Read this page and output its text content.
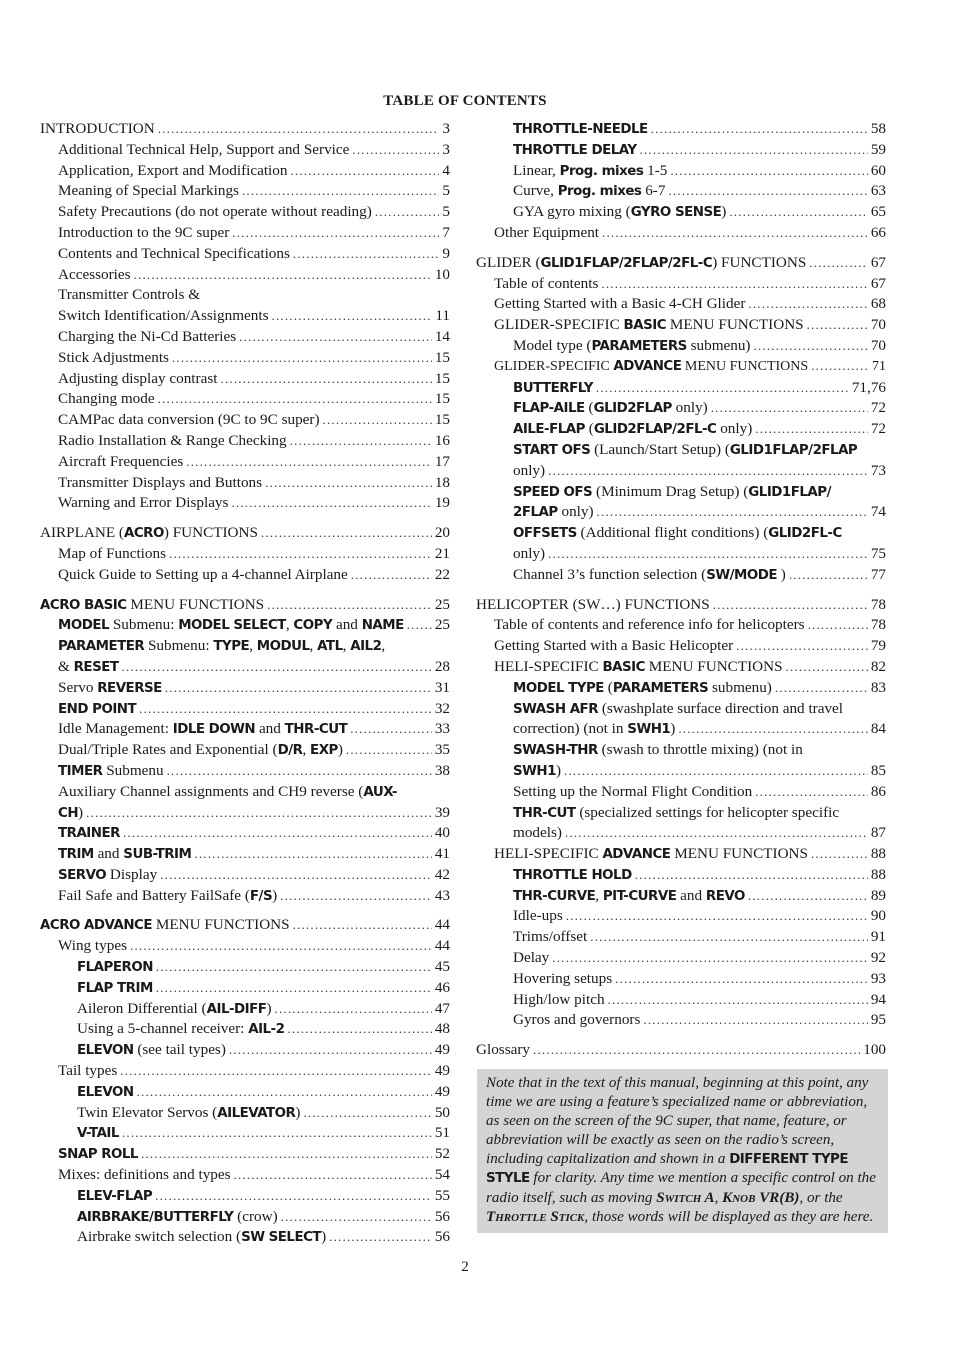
TABLE OF CONTENTS
INTRODUCTION .....	3
Additional Technical Help, Support and Service .....	3
Application, Export and Modification .....	4
Meaning of Special Markings .....	5
Safety Precautions (do not operate without reading) .....	5
Introduction to the 9C super .....	7
Contents and Technical Specifications .....	9
Accessories .....	10
Transmitter Controls &
Switch Identification/Assignments .....	11
Charging the Ni-Cd Batteries .....	14
Stick Adjustments .....	15
Adjusting display contrast .....	15
Changing mode .....	15
CAMPac data conversion (9C to 9C super) .....	15
Radio Installation & Range Checking .....	16
Aircraft Frequencies .....	17
Transmitter Displays and Buttons .....	18
Warning and Error Displays .....	19
AIRPLANE (ACRO) FUNCTIONS .....	20
Map of Functions .....	21
Quick Guide to Setting up a 4-channel Airplane .....	22
ACRO BASIC MENU FUNCTIONS .....	25
MODEL Submenu: MODEL SELECT, COPY and NAME ..... 25
PARAMETER Submenu: TYPE, MODUL, ATL, AIL2,
& RESET .....	28
Servo REVERSE .....	31
END POINT .....	32
Idle Management: IDLE DOWN and THR-CUT .....	33
Dual/Triple Rates and Exponential (D/R, EXP) .....	35
TIMER Submenu .....	38
Auxiliary Channel assignments and CH9 reverse (AUX-
CH) .....	39
TRAINER .....	40
TRIM and SUB-TRIM .....	41
SERVO Display .....	42
Fail Safe and Battery FailSafe (F/S) .....	43
ACRO ADVANCE MENU FUNCTIONS .....	44
Wing types .....	44
FLAPERON .....	45
FLAP TRIM .....	46
Aileron Differential (AIL-DIFF) .....	47
Using a 5-channel receiver: AIL-2 .....	48
ELEVON (see tail types) .....	49
Tail types .....	49
ELEVON .....	49
Twin Elevator Servos (AILEVATOR) .....	50
V-TAIL .....	51
SNAP ROLL .....	52
Mixes: definitions and types .....	54
ELEV-FLAP .....	55
AIRBRAKE/BUTTERFLY (crow) .....	56
Airbrake switch selection (SW SELECT) .....	56
THROTTLE-NEEDLE .....	58
THROTTLE DELAY .....	59
Linear, Prog. mixes 1-5 .....	60
Curve, Prog. mixes 6-7 .....	63
GYA gyro mixing (GYRO SENSE) .....	65
Other Equipment .....	66
GLIDER (GLID1FLAP/2FLAP/2FL-C) FUNCTIONS .....	67
Table of contents .....	67
Getting Started with a Basic 4-CH Glider .....	68
GLIDER-SPECIFIC BASIC MENU FUNCTIONS .....	70
Model type (PARAMETERS submenu) .....	70
GLIDER-SPECIFIC ADVANCE MENU FUNCTIONS .....	71
BUTTERFLY .....	71,76
FLAP-AILE (GLID2FLAP only) .....	72
AILE-FLAP (GLID2FLAP/2FL-C only) .....	72
START OFS (Launch/Start Setup) (GLID1FLAP/2FLAP
only) .....	73
SPEED OFS (Minimum Drag Setup) (GLID1FLAP/
2FLAP only) .....	74
OFFSETS (Additional flight conditions) (GLID2FL-C
only) .....	75
Channel 3’s function selection (SW/MODE ) .....	77
HELICOPTER (SW…) FUNCTIONS .....	78
Table of contents and reference info for helicopters .....	78
Getting Started with a Basic Helicopter .....	79
HELI-SPECIFIC BASIC MENU FUNCTIONS .....	82
MODEL TYPE (PARAMETERS submenu) .....	83
SWASH AFR (swashplate surface direction and travel
correction) (not in SWH1) .....	84
SWASH-THR (swash to throttle mixing) (not in
SWH1) .....	85
Setting up the Normal Flight Condition .....	86
THR-CUT (specialized settings for helicopter specific
models) .....	87
HELI-SPECIFIC ADVANCE MENU FUNCTIONS .....	88
THROTTLE HOLD .....	88
THR-CURVE, PIT-CURVE and REVO .....	89
Idle-ups .....	90
Trims/offset .....	91
Delay .....	92
Hovering setups .....	93
High/low pitch .....	94
Gyros and governors .....	95
Glossary .....	100
Note that in the text of this manual, beginning at this point, any time we are using a feature’s specialized name or abbreviation, as seen on the screen of the 9C super, that name, feature, or abbreviation will be exactly as seen on the radio’s screen, including capitalization and shown in a DIFFERENT TYPE STYLE for clarity. Any time we mention a specific control on the radio itself, such as moving Switch A, Knob VR(B), or the Throttle Stick, those words will be displayed as they are here.
2
